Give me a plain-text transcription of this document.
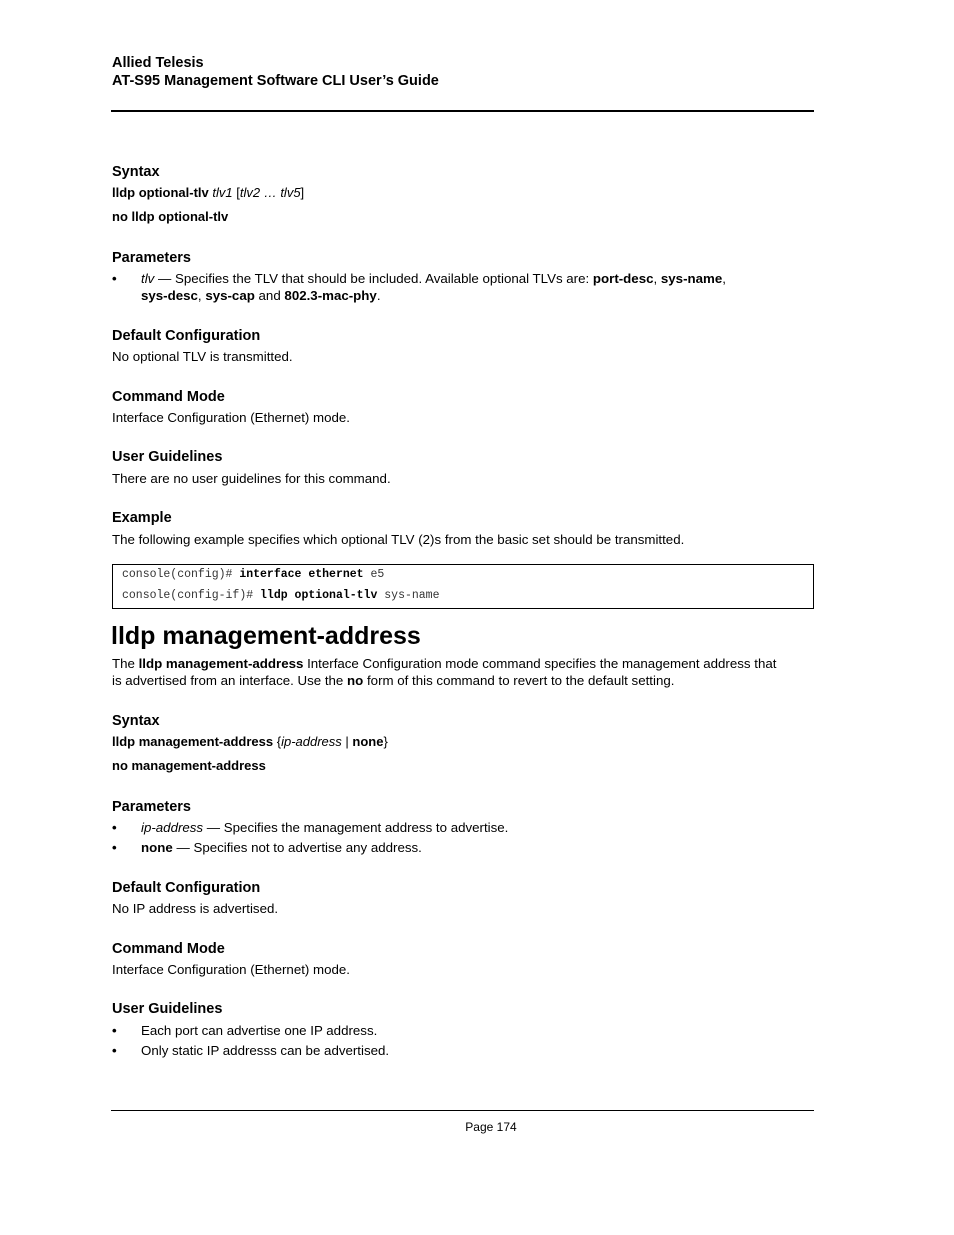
Allied Telesis
AT-S95 Management Software CLI User’s Guide
Syntax
lldp optional-tlv tlv1 [tlv2 … tlv5]
no lldp optional-tlv
Parameters
• tlv — Specifies the TLV that should be included. Available optional TLVs are: port-desc, sys-name,
sys-desc, sys-cap and 802.3-mac-phy.
Default Configuration
No optional TLV is transmitted.
Command Mode
Interface Configuration (Ethernet) mode.
User Guidelines
There are no user guidelines for this command.
Example
The following example specifies which optional TLV (2)s from the basic set should be transmitted.
console(config)# interface ethernet e5
console(config-if)# lldp optional-tlv sys-name
lldp management-address
The lldp management-address Interface Configuration mode command specifies the management address that
is advertised from an interface. Use the no form of this command to revert to the default setting.
Syntax
lldp management-address {ip-address | none}
no management-address
Parameters
• ip-address — Specifies the management address to advertise.
• none — Specifies not to advertise any address.
Default Configuration
No IP address is advertised.
Command Mode
Interface Configuration (Ethernet) mode.
User Guidelines
• Each port can advertise one IP address.
• Only static IP addresss can be advertised.
Page 174
